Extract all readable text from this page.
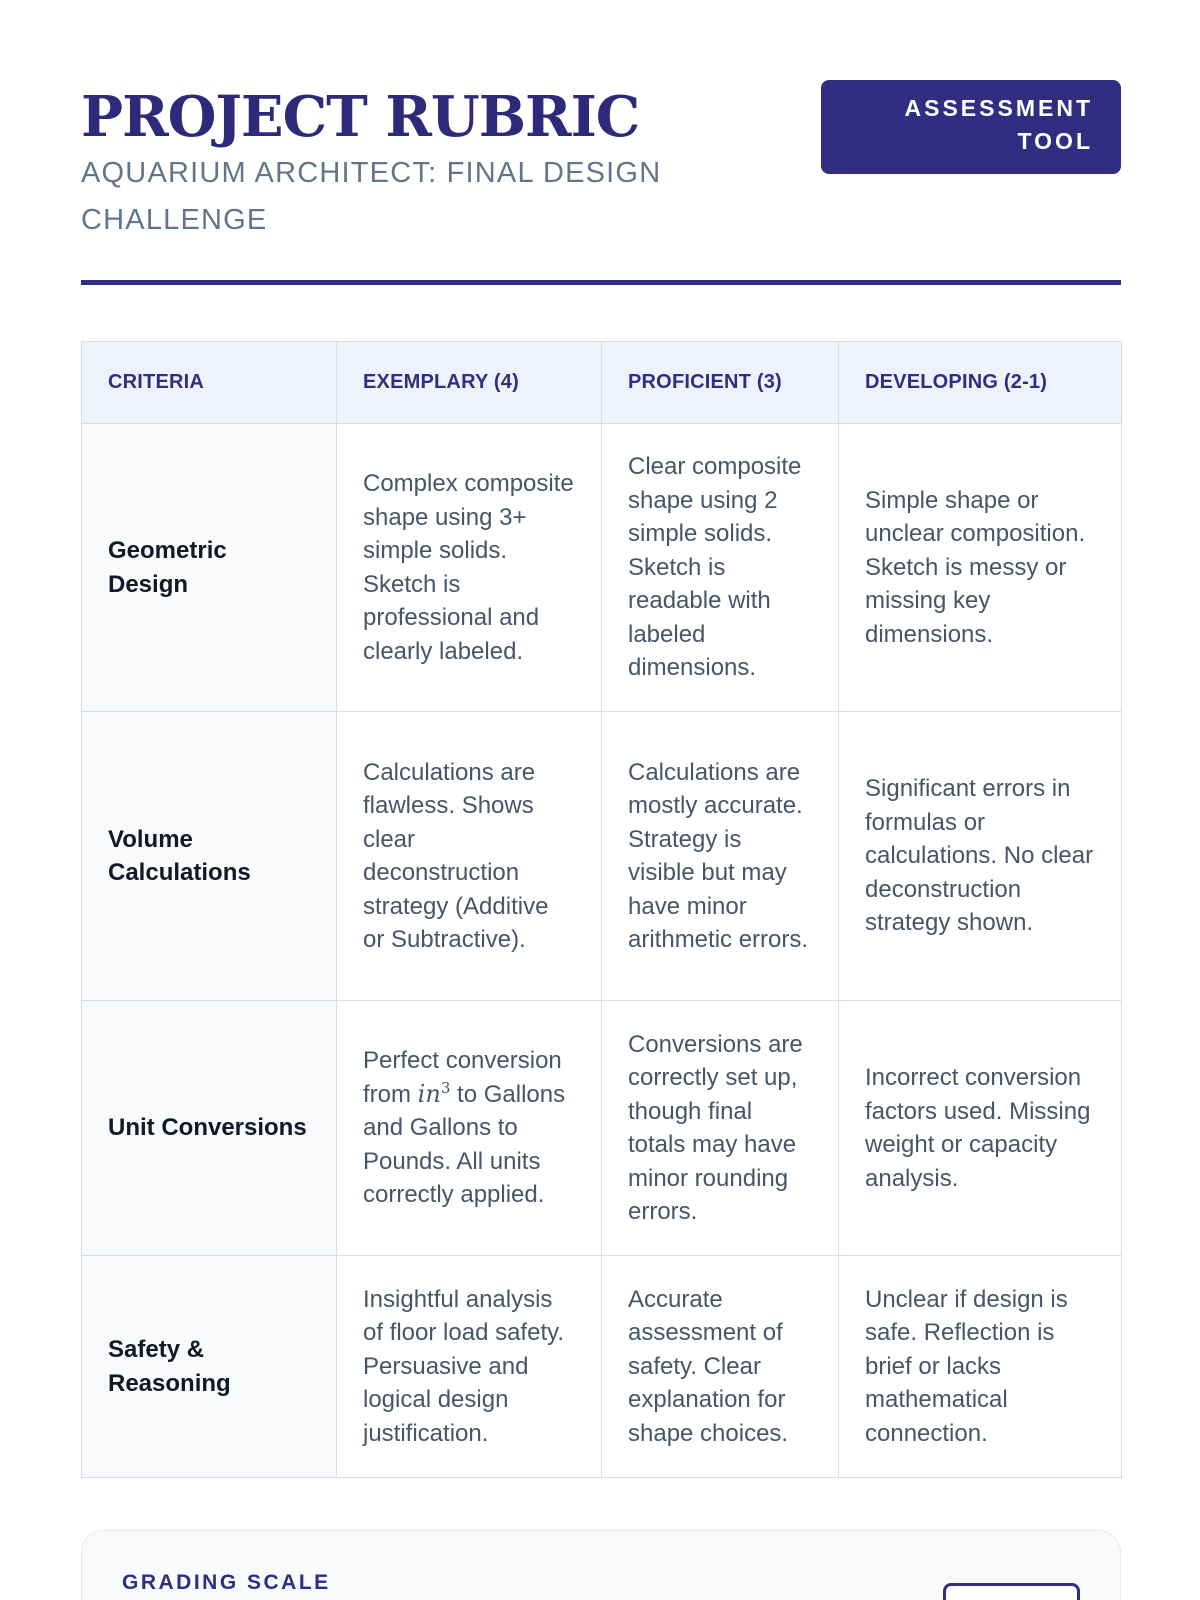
PROJECT RUBRIC
AQUARIUM ARCHITECT: FINAL DESIGN CHALLENGE
ASSESSMENT TOOL
CRITERIA	EXEMPLARY (4)	PROFICIENT (3)	DEVELOPING (2-1)
Geometric Design	Complex composite shape using 3+ simple solids. Sketch is professional and clearly labeled.	Clear composite shape using 2 simple solids. Sketch is readable with labeled dimensions.	Simple shape or unclear composition. Sketch is messy or missing key dimensions.
Volume Calculations	Calculations are flawless. Shows clear deconstruction strategy (Additive or Subtractive).	Calculations are mostly accurate. Strategy is visible but may have minor arithmetic errors.	Significant errors in formulas or calculations. No clear deconstruction strategy shown.
Unit Conversions	Perfect conversion from $in^3$ to Gallons and Gallons to Pounds. All units correctly applied.	Conversions are correctly set up, though final totals may have minor rounding errors.	Incorrect conversion factors used. Missing weight or capacity analysis.
Safety & Reasoning	Insightful analysis of floor load safety. Persuasive and logical design justification.	Accurate assessment of safety. Clear explanation for shape choices.	Unclear if design is safe. Reflection is brief or lacks mathematical connection.
GRADING SCALE
